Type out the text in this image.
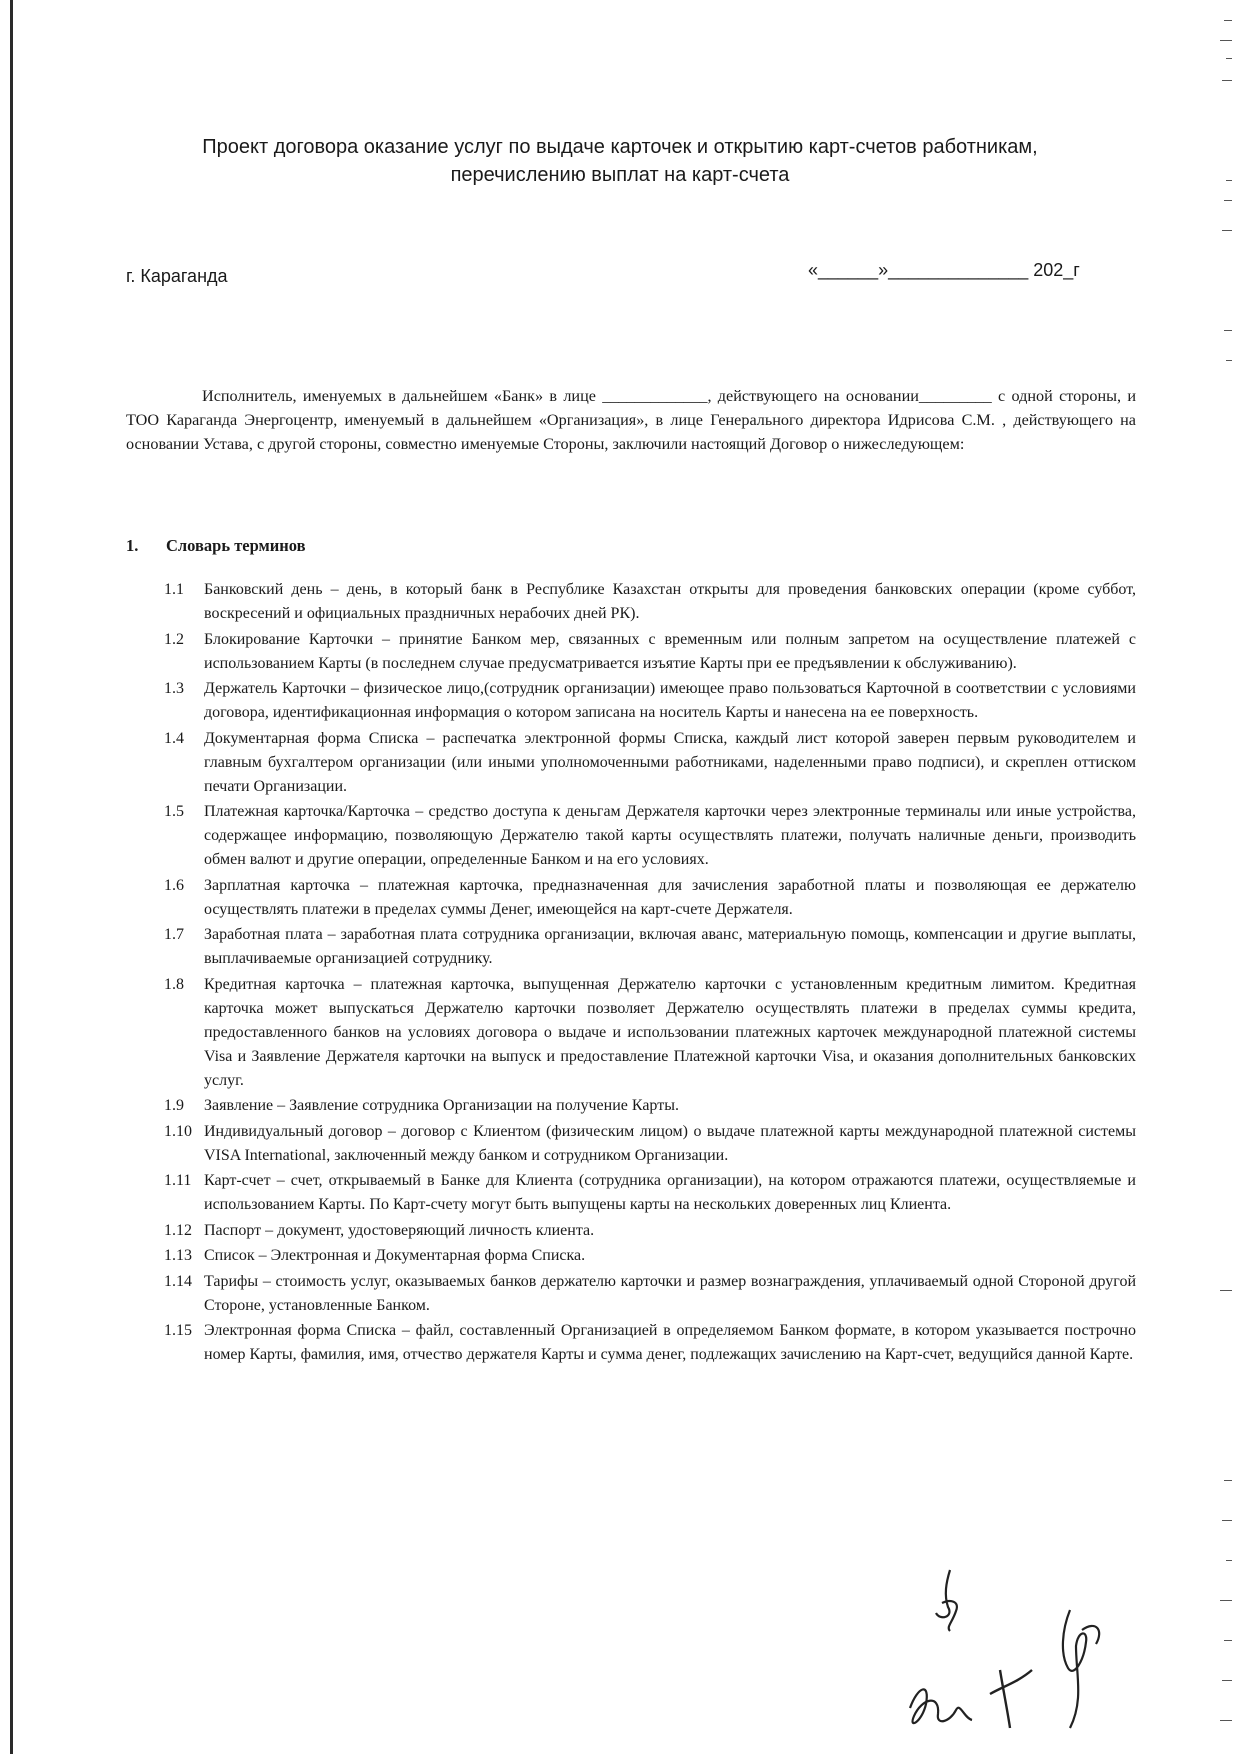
Проект договора оказание услуг по выдаче карточек и открытию карт-счетов работникам,
перечислению выплат на карт-счета
г. Караганда	«______»______________ 202_г
Исполнитель, именуемых в дальнейшем «Банк» в лице _____________, действующего на основании_________ с одной стороны, и ТОО Караганда Энергоцентр, именуемый в дальнейшем «Организация», в лице Генерального директора Идрисова С.М. , действующего на основании Устава, с другой стороны, совместно именуемые Стороны, заключили настоящий Договор о нижеследующем:
1. Словарь терминов
1.1	Банковский день – день, в который банк в Республике Казахстан открыты для проведения банковских операции (кроме суббот, воскресений и официальных праздничных нерабочих дней РК).
1.2	Блокирование Карточки – принятие Банком мер, связанных с временным или полным запретом на осуществление платежей с использованием Карты (в последнем случае предусматривается изъятие Карты при ее предъявлении к обслуживанию).
1.3	Держатель Карточки – физическое лицо,(сотрудник организации) имеющее право пользоваться Карточной в соответствии с условиями договора, идентификационная информация о котором записана на носитель Карты и нанесена на ее поверхность.
1.4	Документарная форма Списка – распечатка электронной формы Списка, каждый лист которой заверен первым руководителем и главным бухгалтером организации (или иными уполномоченными работниками, наделенными право подписи), и скреплен оттиском печати Организации.
1.5	Платежная карточка/Карточка – средство доступа к деньгам Держателя карточки через электронные терминалы или иные устройства, содержащее информацию, позволяющую Держателю такой карты осуществлять платежи, получать наличные деньги, производить обмен валют и другие операции, определенные Банком и на его условиях.
1.6	Зарплатная карточка – платежная карточка, предназначенная для зачисления заработной платы и позволяющая ее держателю осуществлять платежи в пределах суммы Денег, имеющейся на карт-счете Держателя.
1.7	Заработная плата – заработная плата сотрудника организации, включая аванс, материальную помощь, компенсации и другие выплаты, выплачиваемые организацией сотруднику.
1.8	Кредитная карточка – платежная карточка, выпущенная Держателю карточки с установленным кредитным лимитом. Кредитная карточка может выпускаться Держателю карточки позволяет Держателю осуществлять платежи в пределах суммы кредита, предоставленного банков на условиях договора о выдаче и использовании платежных карточек международной платежной системы Visa и Заявление Держателя карточки на выпуск и предоставление Платежной карточки Visa, и оказания дополнительных банковских услуг.
1.9	Заявление – Заявление сотрудника Организации на получение Карты.
1.10 Индивидуальный договор – договор с Клиентом (физическим лицом) о выдаче платежной карты международной платежной системы VISA International, заключенный между банком и сотрудником Организации.
1.11 Карт-счет – счет, открываемый в Банке для Клиента (сотрудника организации), на котором отражаются платежи, осуществляемые и использованием Карты. По Карт-счету могут быть выпущены карты на нескольких доверенных лиц Клиента.
1.12 Паспорт – документ, удостоверяющий личность клиента.
1.13 Список – Электронная и Документарная форма Списка.
1.14 Тарифы – стоимость услуг, оказываемых банков держателю карточки и размер вознаграждения, уплачиваемый одной Стороной другой Стороне, установленные Банком.
1.15 Электронная форма Списка – файл, составленный Организацией в определяемом Банком формате, в котором указывается построчно номер Карты, фамилия, имя, отчество держателя Карты и сумма денег, подлежащих зачислению на Карт-счет, ведущийся данной Карте.
